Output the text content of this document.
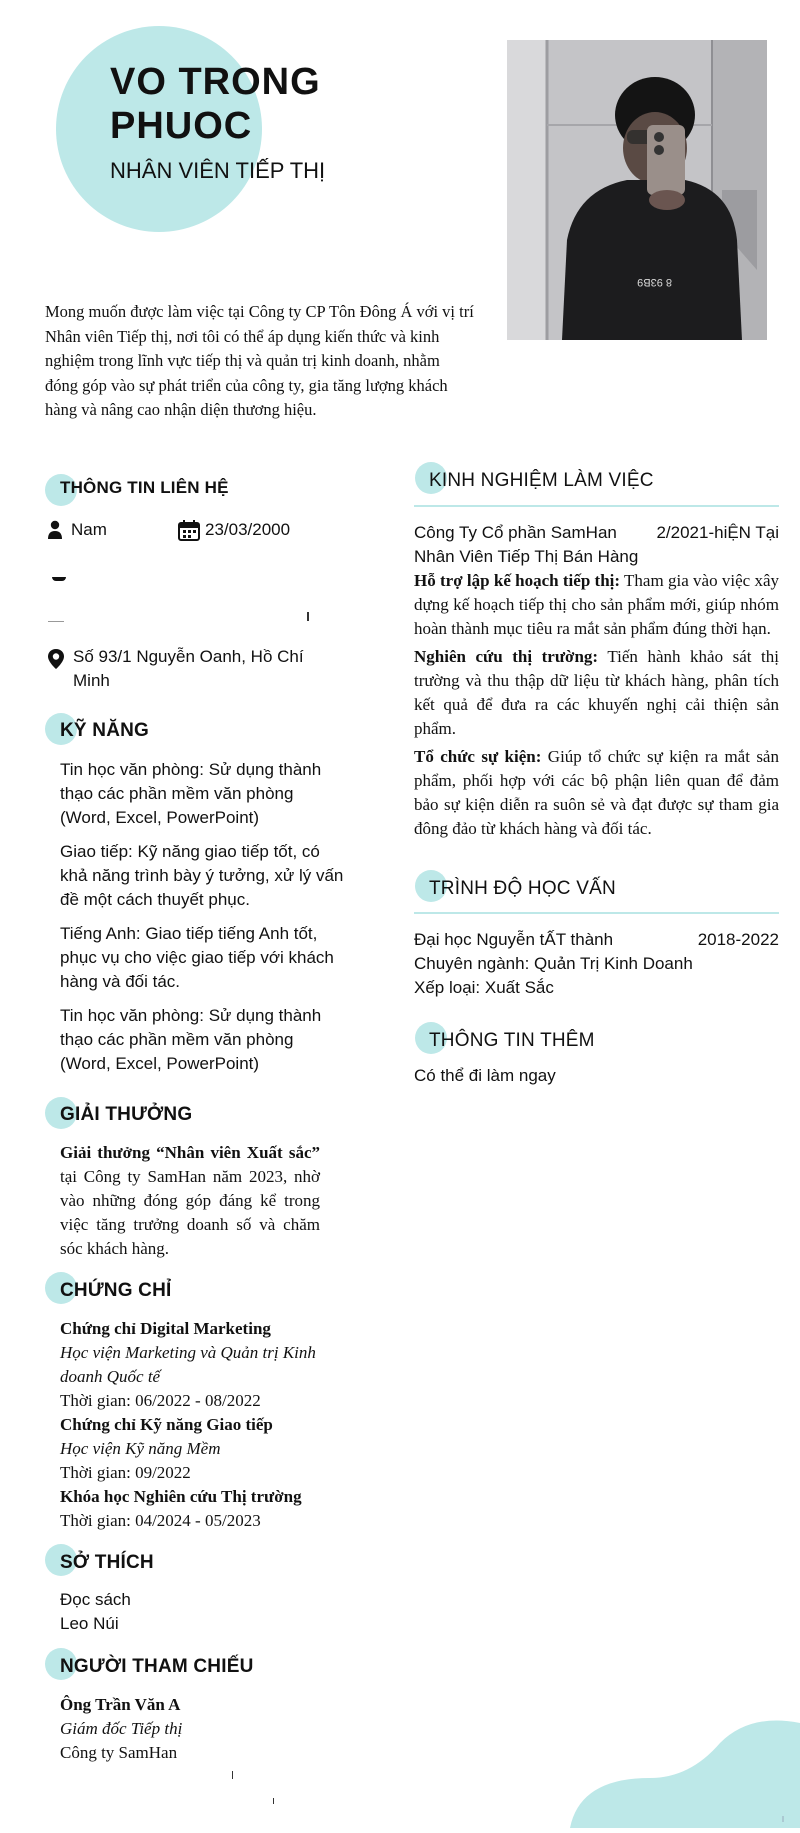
VO TRONG
PHUOC
NHÂN VIÊN TIẾP THỊ
8 93B9
Mong muốn được làm việc tại Công ty CP Tôn Đông Á với vị trí Nhân viên Tiếp thị, nơi tôi có thể áp dụng kiến thức và kinh nghiệm trong lĩnh vực tiếp thị và quản trị kinh doanh, nhằm đóng góp vào sự phát triển của công ty, gia tăng lượng khách hàng và nâng cao nhận diện thương hiệu.
THÔNG TIN LIÊN HỆ
Nam	23/03/2000
Số 93/1 Nguyễn Oanh, Hồ Chí Minh
KỸ NĂNG
Tin học văn phòng: Sử dụng thành thạo các phần mềm văn phòng (Word, Excel, PowerPoint)
Giao tiếp: Kỹ năng giao tiếp tốt, có khả năng trình bày ý tưởng, xử lý vấn đề một cách thuyết phục.
Tiếng Anh: Giao tiếp tiếng Anh tốt, phục vụ cho việc giao tiếp với khách hàng và đối tác.
Tin học văn phòng: Sử dụng thành thạo các phần mềm văn phòng (Word, Excel, PowerPoint)
GIẢI THƯỞNG
Giải thưởng “Nhân viên Xuất sắc” tại Công ty SamHan năm 2023, nhờ vào những đóng góp đáng kể trong việc tăng trưởng doanh số và chăm sóc khách hàng.
CHỨNG CHỈ
Chứng chỉ Digital Marketing
Học viện Marketing và Quản trị Kinh doanh Quốc tế
Thời gian: 06/2022 - 08/2022
Chứng chỉ Kỹ năng Giao tiếp
Học viện Kỹ năng Mềm
Thời gian: 09/2022
Khóa học Nghiên cứu Thị trường
Thời gian: 04/2024 - 05/2023
SỞ THÍCH
Đọc sách
Leo Núi
NGƯỜI THAM CHIẾU
Ông Trần Văn A
Giám đốc Tiếp thị
Công ty SamHan
KINH NGHIỆM LÀM VIỆC
Công Ty Cổ phần SamHan	2/2021-hiỆN Tại
Nhân Viên Tiếp Thị Bán Hàng
Hỗ trợ lập kế hoạch tiếp thị: Tham gia vào việc xây dựng kế hoạch tiếp thị cho sản phẩm mới, giúp nhóm hoàn thành mục tiêu ra mắt sản phẩm đúng thời hạn.
Nghiên cứu thị trường: Tiến hành khảo sát thị trường và thu thập dữ liệu từ khách hàng, phân tích kết quả để đưa ra các khuyến nghị cải thiện sản phẩm.
Tổ chức sự kiện: Giúp tổ chức sự kiện ra mắt sản phẩm, phối hợp với các bộ phận liên quan để đảm bảo sự kiện diễn ra suôn sẻ và đạt được sự tham gia đông đảo từ khách hàng và đối tác.
TRÌNH ĐỘ HỌC VẤN
Đại học Nguyễn tẤT thành	2018-2022
Chuyên ngành: Quản Trị Kinh Doanh
Xếp loại: Xuất Sắc
THÔNG TIN THÊM
Có thể đi làm ngay
